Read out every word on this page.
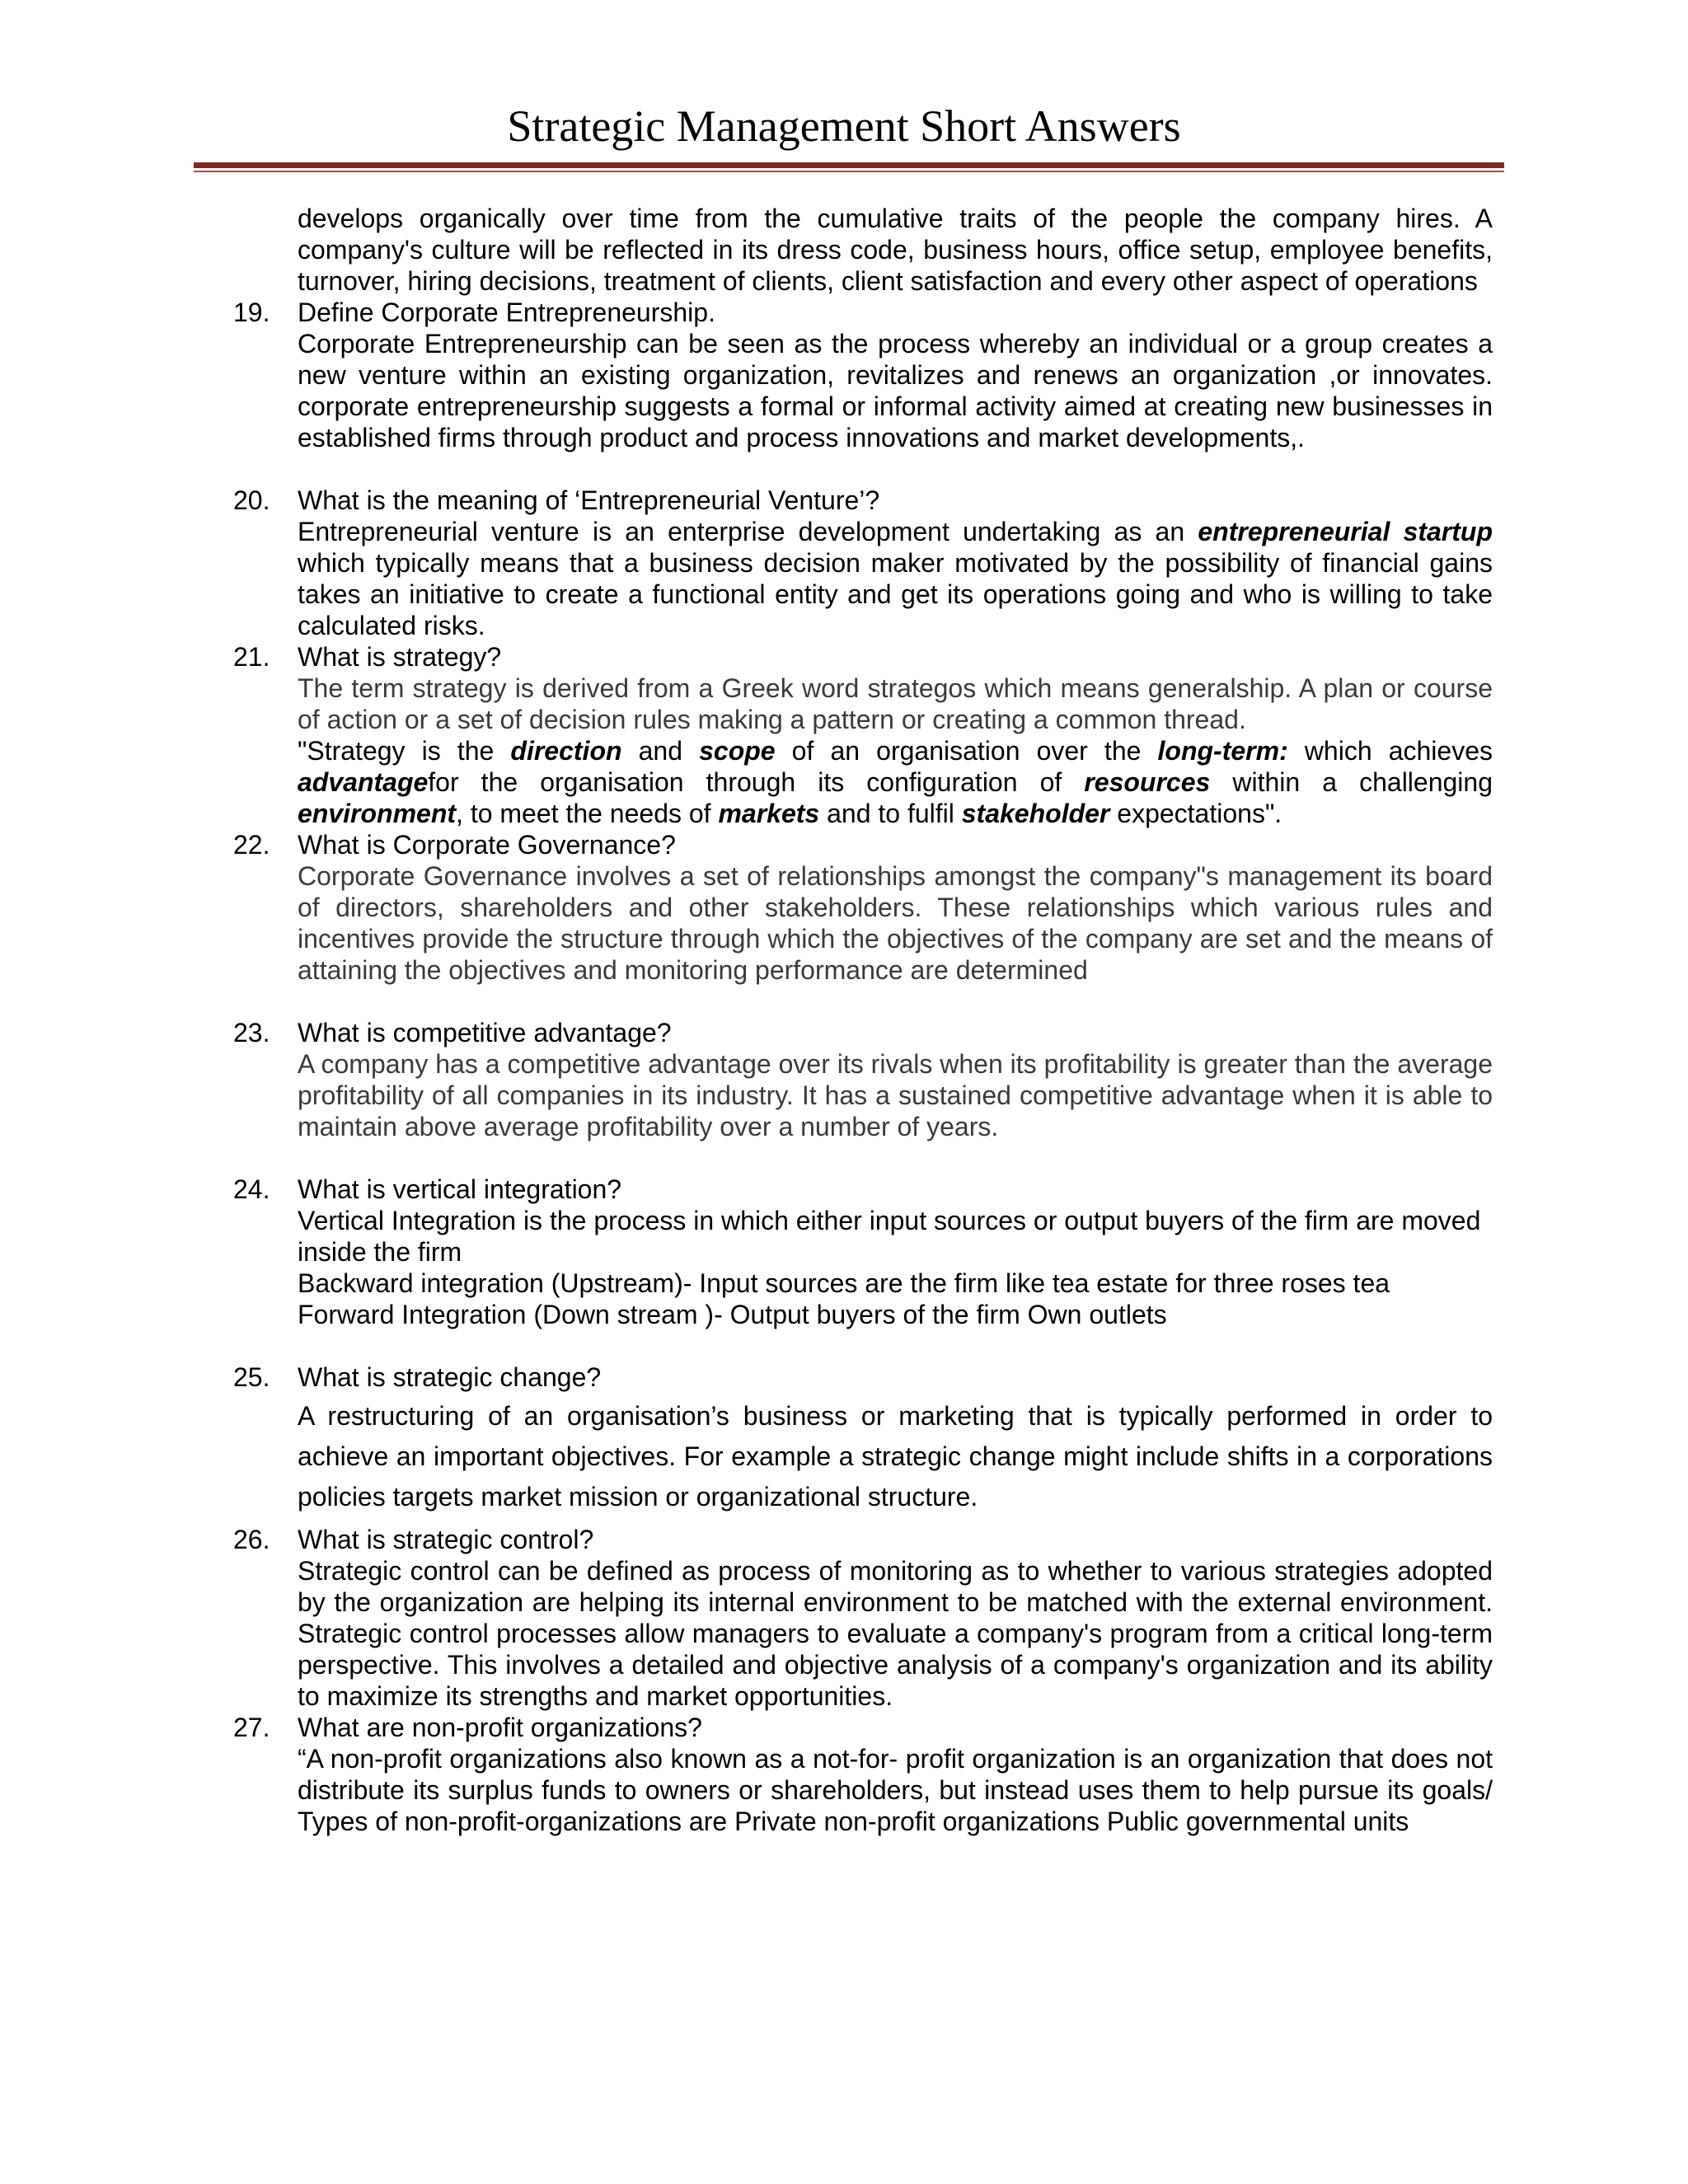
Strategic Management Short Answers
develops organically over time from the cumulative traits of the people the company hires. A company's culture will be reflected in its dress code, business hours, office setup, employee benefits, turnover, hiring decisions, treatment of clients, client satisfaction and every other aspect of operations
19.	Define Corporate Entrepreneurship.
Corporate Entrepreneurship can be seen as the process whereby an individual or a group creates a new venture within an existing organization, revitalizes and renews an organization ,or innovates. corporate entrepreneurship suggests a formal or informal activity aimed at creating new businesses in established firms through product and process innovations and market developments,.
20.	What is the meaning of ‘Entrepreneurial Venture’?
Entrepreneurial venture is an enterprise development undertaking as an entrepreneurial startup which typically means that a business decision maker motivated by the possibility of financial gains takes an initiative to create a functional entity and get its operations going and who is willing to take calculated risks.
21.	What is strategy?
The term strategy is derived from a Greek word strategos which means generalship. A plan or course of action or a set of decision rules making a pattern or creating a common thread.
"Strategy is the direction and scope of an organisation over the long-term: which achieves advantagefor the organisation through its configuration of resources within a challenging environment, to meet the needs of markets and to fulfil stakeholder expectations".
22.	What is Corporate Governance?
Corporate Governance involves a set of relationships amongst the company"s management its board of directors, shareholders and other stakeholders. These relationships which various rules and incentives provide the structure through which the objectives of the company are set and the means of attaining the objectives and monitoring performance are determined
23.	What is competitive advantage?
A company has a competitive advantage over its rivals when its profitability is greater than the average profitability of all companies in its industry. It has a sustained competitive advantage when it is able to maintain above average profitability over a number of years.
24.	What is vertical integration?
Vertical Integration is the process in which either input sources or output buyers of the firm are moved inside the firm
Backward integration (Upstream)- Input sources are the firm like tea estate for three roses tea
Forward Integration (Down stream )- Output buyers of the firm Own outlets
25.	What is strategic change?
A restructuring of an organisation’s business or marketing that is typically performed in order to achieve an important objectives. For example a strategic change might include shifts in a corporations policies targets market mission or organizational structure.
26.	What is strategic control?
Strategic control can be defined as process of monitoring as to whether to various strategies adopted by the organization are helping its internal environment to be matched with the external environment. Strategic control processes allow managers to evaluate a company's program from a critical long-term perspective. This involves a detailed and objective analysis of a company's organization and its ability to maximize its strengths and market opportunities.
27.	What are non-profit organizations?
“A non-profit organizations also known as a not-for- profit organization is an organization that does not distribute its surplus funds to owners or shareholders, but instead uses them to help pursue its goals/ Types of non-profit-organizations are Private non-profit organizations Public governmental units
